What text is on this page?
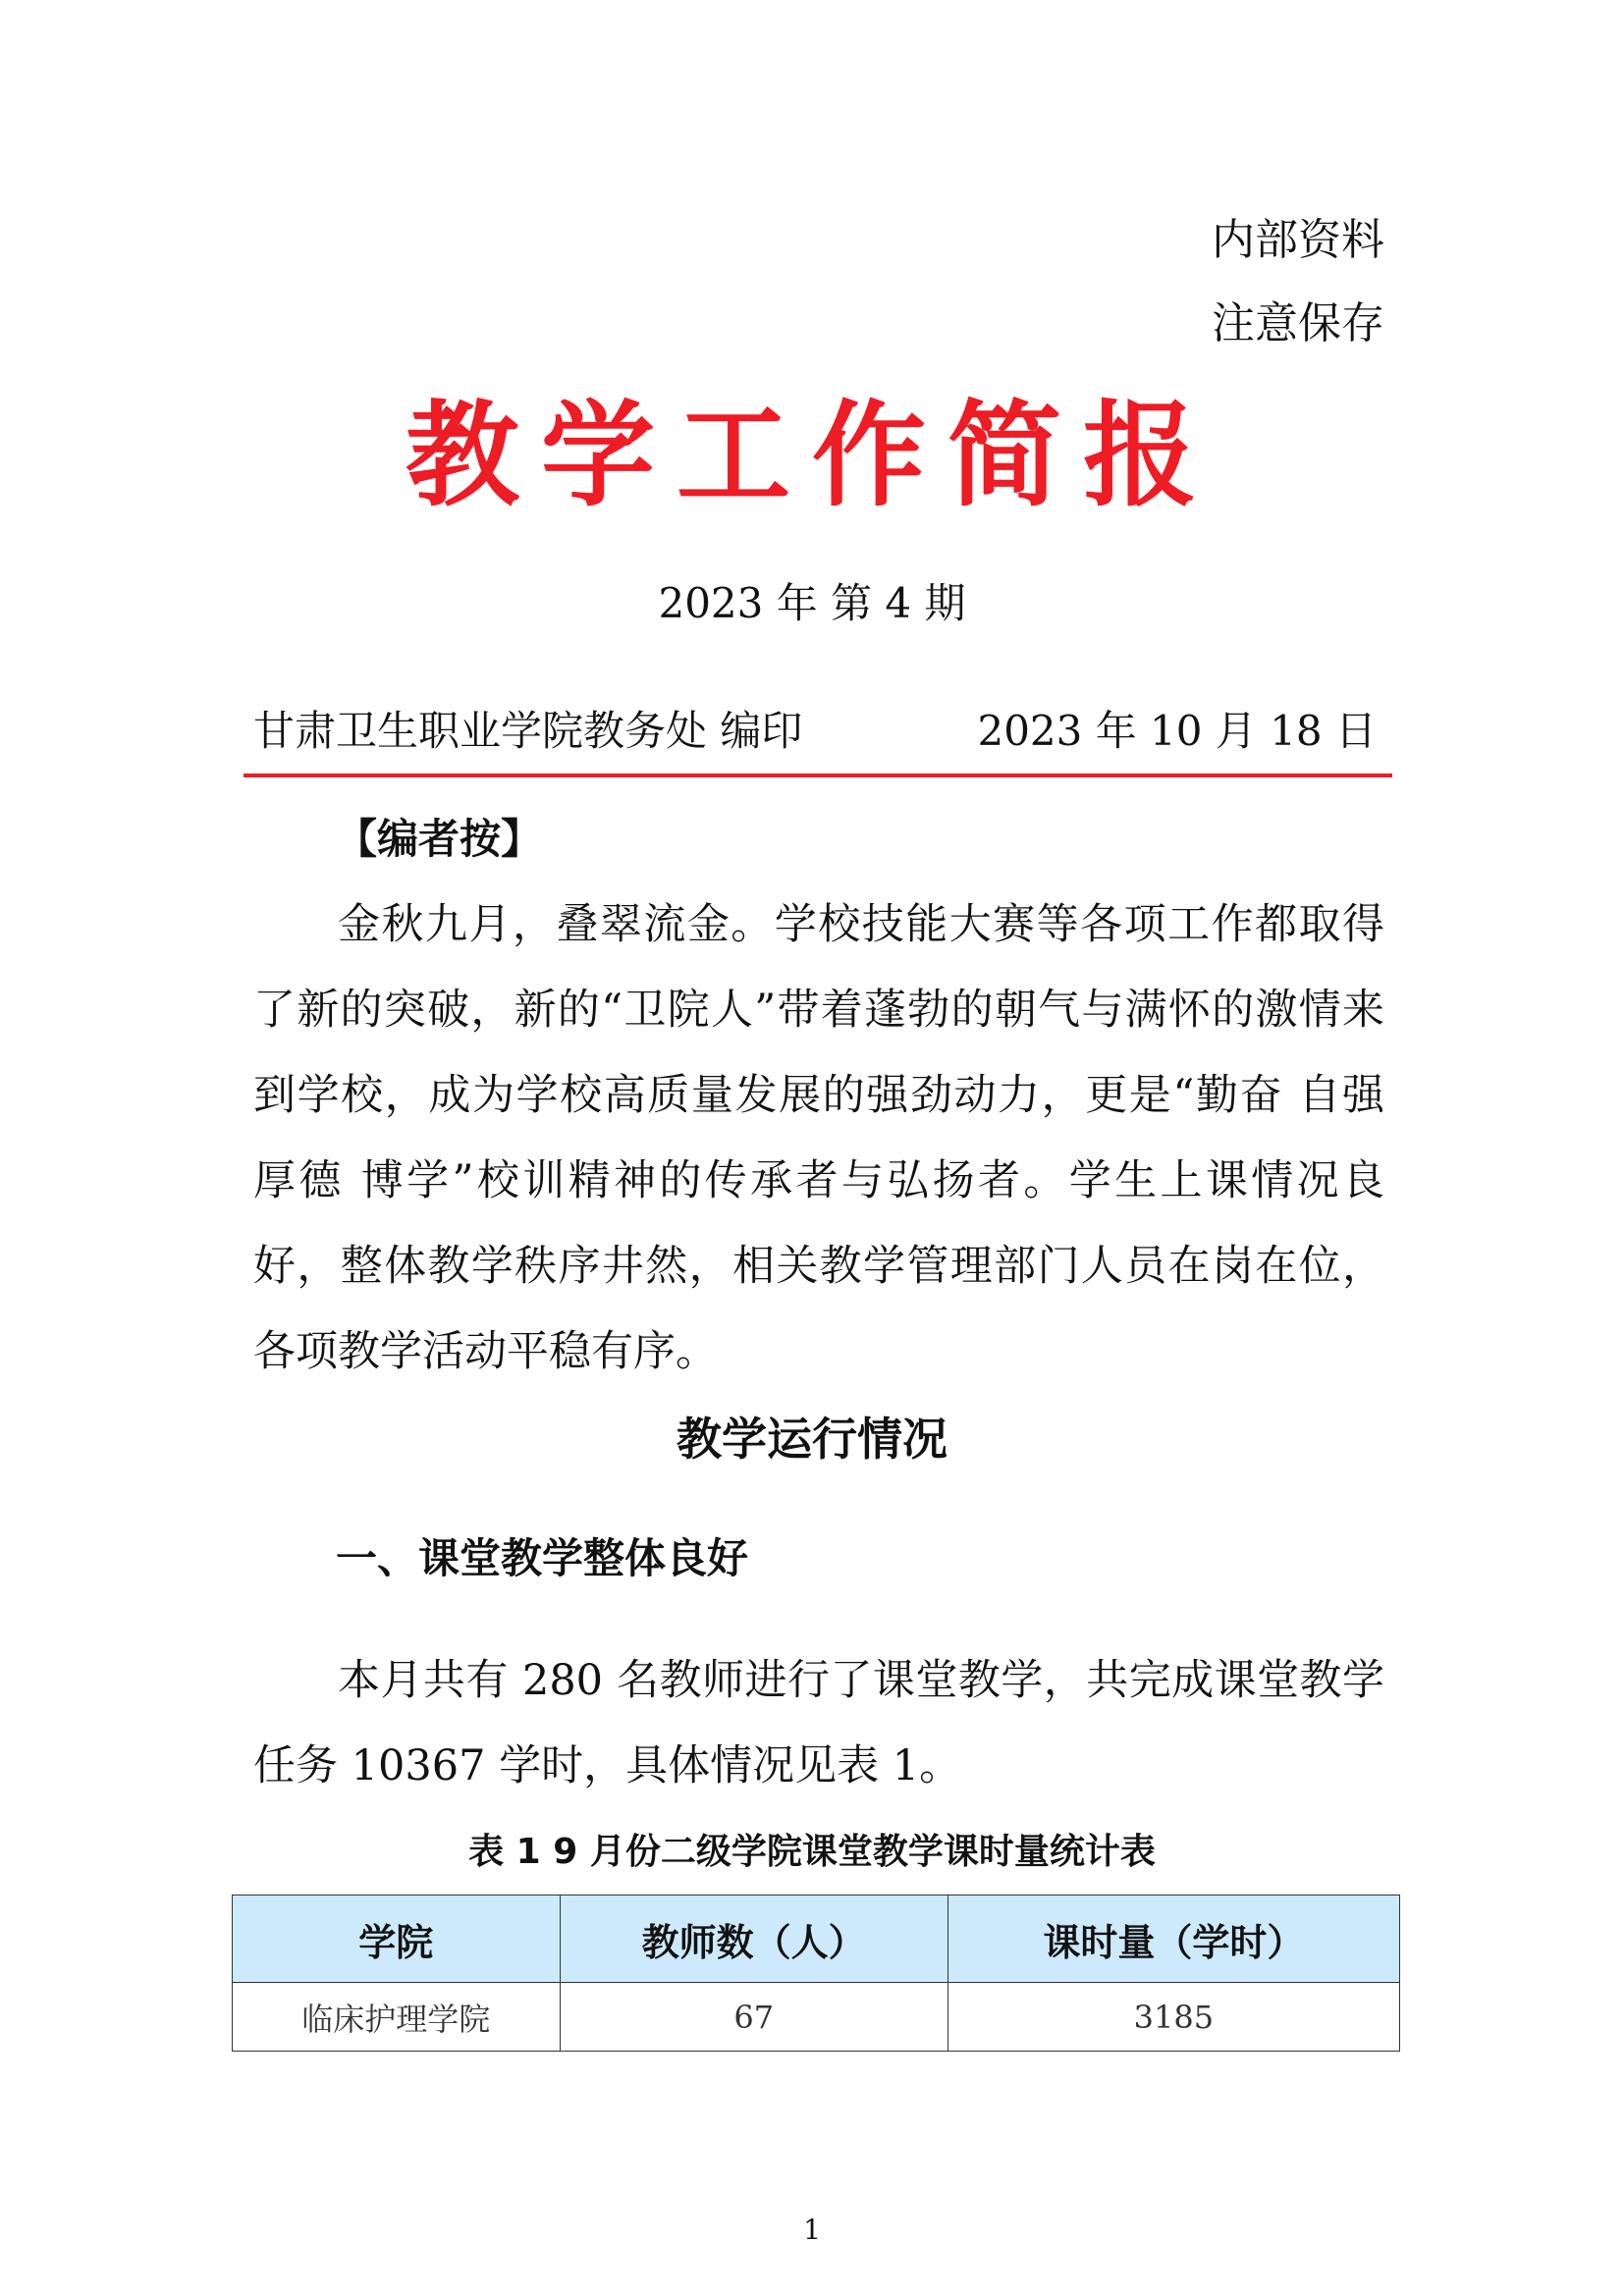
内部资料
注意保存
教学工作简报
2023 年 第 4 期
甘肃卫生职业学院教务处 编印	2023 年 10 月 18 日
【编者按】
金秋九月，叠翠流金。学校技能大赛等各项工作都取得了新的突破，新的“卫院人”带着蓬勃的朝气与满怀的激情来到学校，成为学校高质量发展的强劲动力，更是“勤奋 自强 厚德 博学”校训精神的传承者与弘扬者。学生上课情况良好，整体教学秩序井然，相关教学管理部门人员在岗在位，各项教学活动平稳有序。
教学运行情况
一、课堂教学整体良好
本月共有 280 名教师进行了课堂教学，共完成课堂教学任务 10367 学时，具体情况见表 1。
表 1 9 月份二级学院课堂教学课时量统计表
学院	教师数（人）	课时量（学时）
临床护理学院	67	3185
1
